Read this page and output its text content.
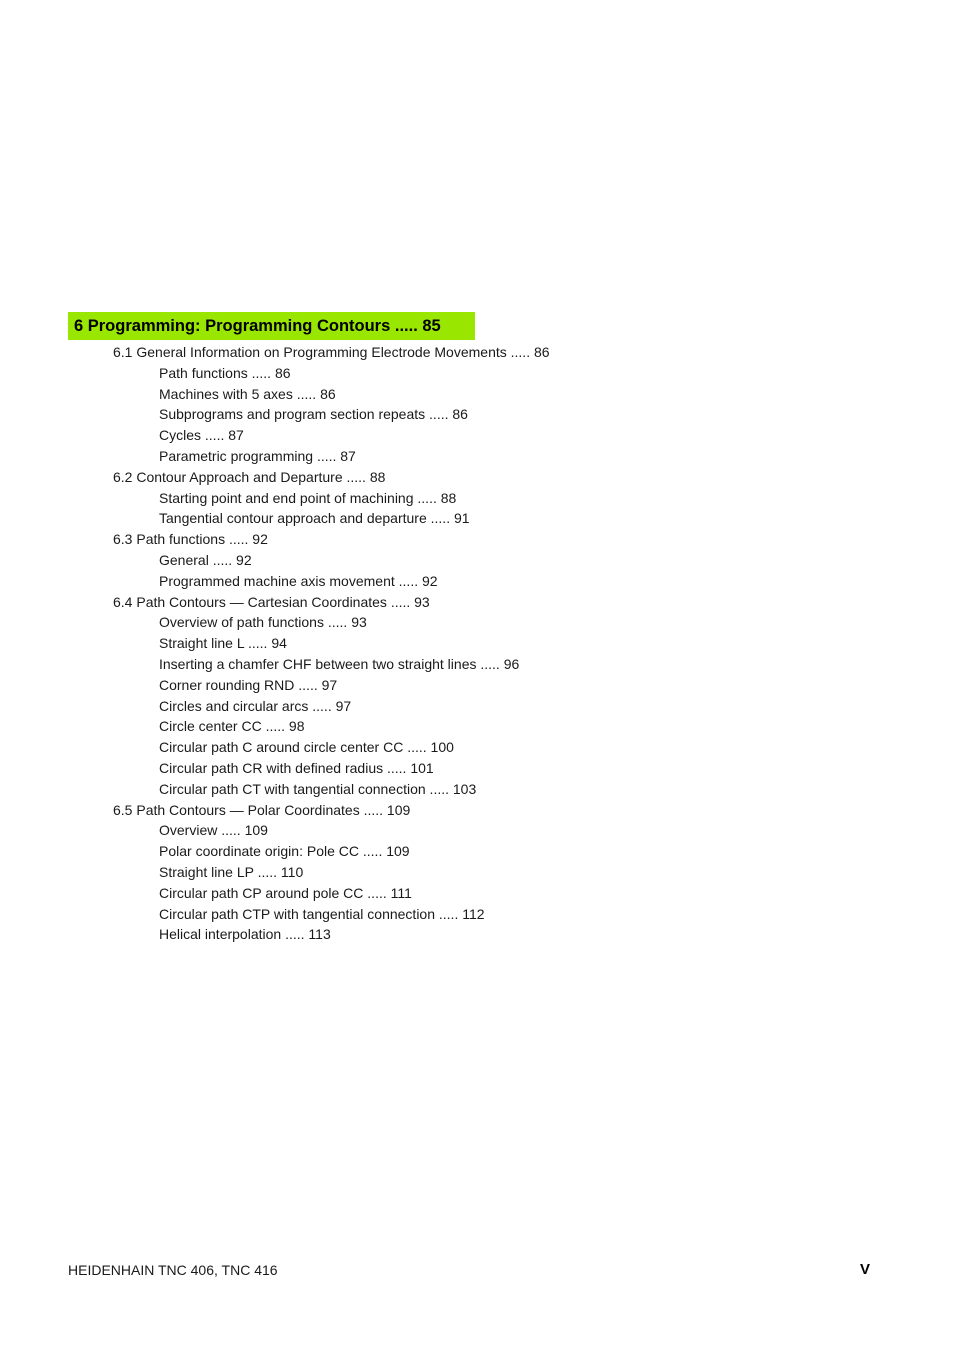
6 Programming: Programming Contours ..... 85
6.1 General Information on Programming Electrode Movements ..... 86
Path functions ..... 86
Machines with 5 axes ..... 86
Subprograms and program section repeats ..... 86
Cycles ..... 87
Parametric programming ..... 87
6.2 Contour Approach and Departure ..... 88
Starting point and end point of machining ..... 88
Tangential contour approach and departure ..... 91
6.3 Path functions ..... 92
General ..... 92
Programmed machine axis movement ..... 92
6.4 Path Contours — Cartesian Coordinates ..... 93
Overview of path functions ..... 93
Straight line L ..... 94
Inserting a chamfer CHF between two straight lines ..... 96
Corner rounding RND ..... 97
Circles and circular arcs ..... 97
Circle center CC ..... 98
Circular path C around circle center CC ..... 100
Circular path CR with defined radius ..... 101
Circular path CT with tangential connection ..... 103
6.5 Path Contours — Polar Coordinates ..... 109
Overview ..... 109
Polar coordinate origin: Pole CC ..... 109
Straight line LP ..... 110
Circular path CP around pole CC ..... 111
Circular path CTP with tangential connection ..... 112
Helical interpolation ..... 113
HEIDENHAIN TNC 406, TNC 416	V
